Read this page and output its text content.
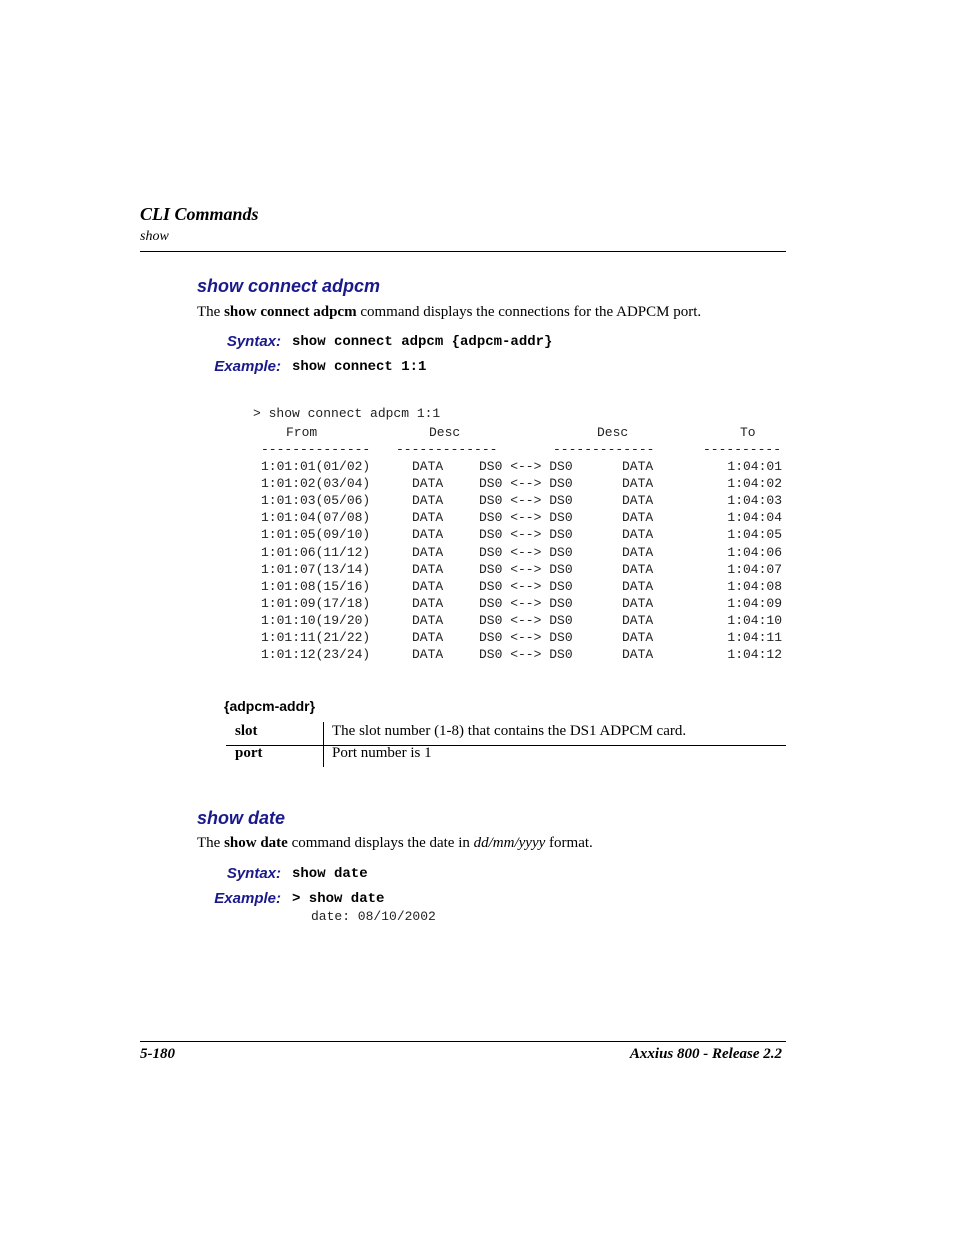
CLI Commands
show
show connect adpcm
The show connect adpcm command displays the connections for the ADPCM port.
Syntax: show connect adpcm {adpcm-addr}
Example: show connect 1:1
> show connect adpcm 1:1
From	Desc	Desc	To
-------------- -------------	-------------	----------
1:01:01(01/02)	DATA	DS0 <--> DS0	DATA	1:04:01
1:01:02(03/04)	DATA	DS0 <--> DS0	DATA	1:04:02
1:01:03(05/06)	DATA	DS0 <--> DS0	DATA	1:04:03
1:01:04(07/08)	DATA	DS0 <--> DS0	DATA	1:04:04
1:01:05(09/10)	DATA	DS0 <--> DS0	DATA	1:04:05
1:01:06(11/12)	DATA	DS0 <--> DS0	DATA	1:04:06
1:01:07(13/14)	DATA	DS0 <--> DS0	DATA	1:04:07
1:01:08(15/16)	DATA	DS0 <--> DS0	DATA	1:04:08
1:01:09(17/18)	DATA	DS0 <--> DS0	DATA	1:04:09
1:01:10(19/20)	DATA	DS0 <--> DS0	DATA	1:04:10
1:01:11(21/22)	DATA	DS0 <--> DS0	DATA	1:04:11
1:01:12(23/24)	DATA	DS0 <--> DS0	DATA	1:04:12
{adpcm-addr}
slot	The slot number (1-8) that contains the DS1 ADPCM card.
port	Port number is 1
show date
The show date command displays the date in dd/mm/yyyy format.
Syntax: show date
Example: > show date
date: 08/10/2002
5-180	Axxius 800 - Release 2.2
